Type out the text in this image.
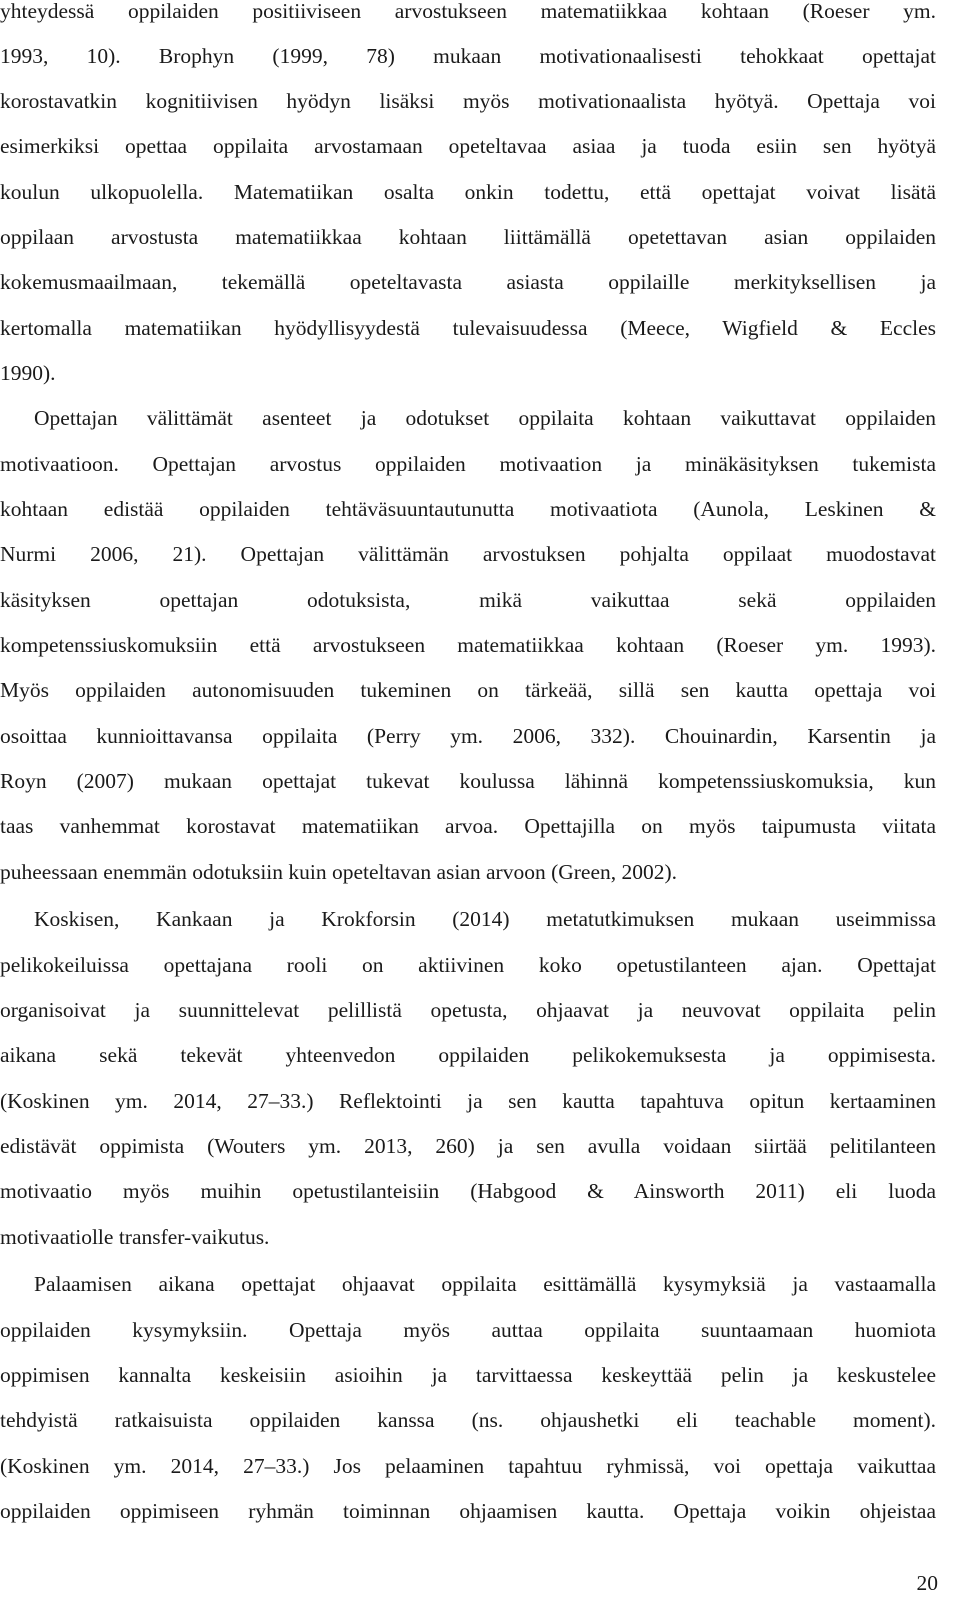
yhteydessä oppilaiden positiiviseen arvostukseen matematiikkaa kohtaan (Roeser ym.
1993, 10). Brophyn (1999, 78) mukaan motivationaalisesti tehokkaat opettajat
korostavatkin kognitiivisen hyödyn lisäksi myös motivationaalista hyötyä. Opettaja voi
esimerkiksi opettaa oppilaita arvostamaan opeteltavaa asiaa ja tuoda esiin sen hyötyä
koulun ulkopuolella. Matematiikan osalta onkin todettu, että opettajat voivat lisätä
oppilaan arvostusta matematiikkaa kohtaan liittämällä opetettavan asian oppilaiden
kokemusmaailmaan, tekemällä opeteltavasta asiasta oppilaille merkityksellisen ja
kertomalla matematiikan hyödyllisyydestä tulevaisuudessa (Meece, Wigfield & Eccles
1990).
Opettajan välittämät asenteet ja odotukset oppilaita kohtaan vaikuttavat oppilaiden
motivaatioon. Opettajan arvostus oppilaiden motivaation ja minäkäsityksen tukemista
kohtaan edistää oppilaiden tehtäväsuuntautunutta motivaatiota (Aunola, Leskinen &
Nurmi 2006, 21). Opettajan välittämän arvostuksen pohjalta oppilaat muodostavat
käsityksen opettajan odotuksista, mikä vaikuttaa sekä oppilaiden
kompetenssiuskomuksiin että arvostukseen matematiikkaa kohtaan (Roeser ym. 1993).
Myös oppilaiden autonomisuuden tukeminen on tärkeää, sillä sen kautta opettaja voi
osoittaa kunnioittavansa oppilaita (Perry ym. 2006, 332). Chouinardin, Karsentin ja
Royn (2007) mukaan opettajat tukevat koulussa lähinnä kompetenssiuskomuksia, kun
taas vanhemmat korostavat matematiikan arvoa. Opettajilla on myös taipumusta viitata
puheessaan enemmän odotuksiin kuin opeteltavan asian arvoon (Green, 2002).
Koskisen, Kankaan ja Krokforsin (2014) metatutkimuksen mukaan useimmissa
pelikokeiluissa opettajana rooli on aktiivinen koko opetustilanteen ajan. Opettajat
organisoivat ja suunnittelevat pelillistä opetusta, ohjaavat ja neuvovat oppilaita pelin
aikana sekä tekevät yhteenvedon oppilaiden pelikokemuksesta ja oppimisesta.
(Koskinen ym. 2014, 27–33.) Reflektointi ja sen kautta tapahtuva opitun kertaaminen
edistävät oppimista (Wouters ym. 2013, 260) ja sen avulla voidaan siirtää pelitilanteen
motivaatio myös muihin opetustilanteisiin (Habgood & Ainsworth 2011) eli luoda
motivaatiolle transfer-vaikutus.
Palaamisen aikana opettajat ohjaavat oppilaita esittämällä kysymyksiä ja vastaamalla
oppilaiden kysymyksiin. Opettaja myös auttaa oppilaita suuntaamaan huomiota
oppimisen kannalta keskeisiin asioihin ja tarvittaessa keskeyttää pelin ja keskustelee
tehdyistä ratkaisuista oppilaiden kanssa (ns. ohjaushetki eli teachable moment).
(Koskinen ym. 2014, 27–33.) Jos pelaaminen tapahtuu ryhmissä, voi opettaja vaikuttaa
oppilaiden oppimiseen ryhmän toiminnan ohjaamisen kautta. Opettaja voikin ohjeistaa
20
